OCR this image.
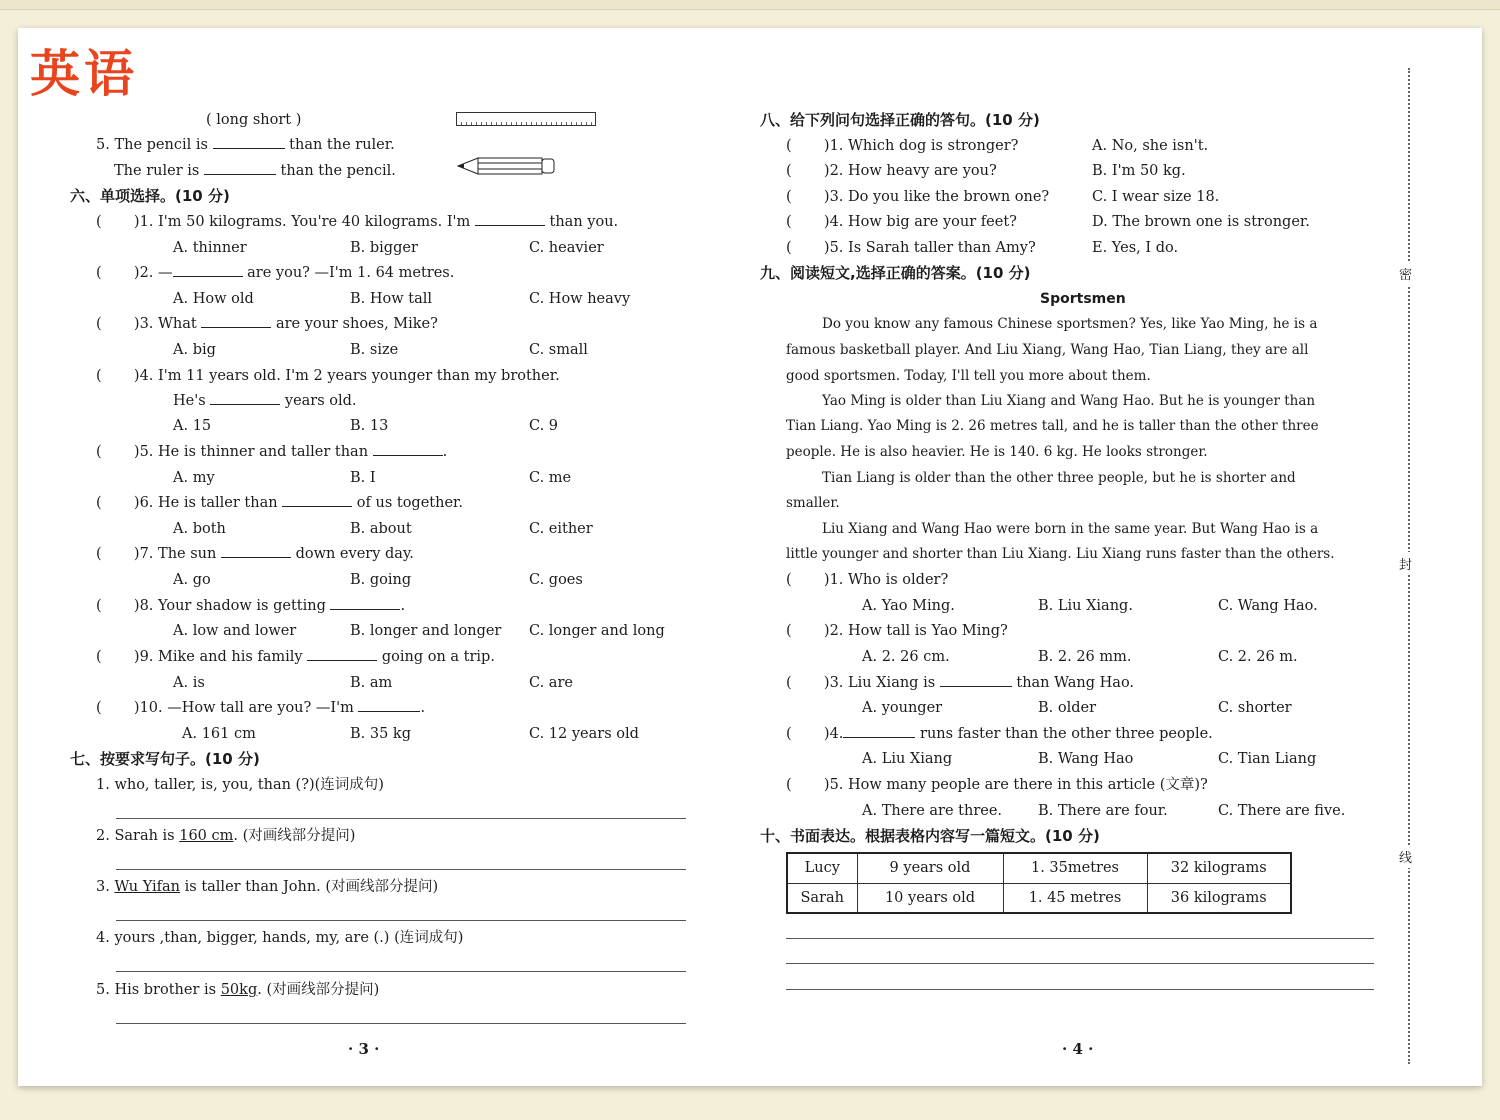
英语
( long short )
5. The pencil is	than the ruler.
The ruler is	than the pencil.
六、单项选择。(10 分)
(       )1. I'm 50 kilograms. You're 40 kilograms. I'm	than you.
A. thinner	B. bigger	C. heavier
(       )2. —	are you? —I'm 1. 64 metres.
A. How old	B. How tall	C. How heavy
(       )3. What	are your shoes, Mike?
A. big	B. size	C. small
(       )4. I'm 11 years old. I'm 2 years younger than my brother.
He's	years old.
A. 15	B. 13	C. 9
(       )5. He is thinner and taller than	.
A. my	B. I	C. me
(       )6. He is taller than	of us together.
A. both	B. about	C. either
(       )7. The sun	down every day.
A. go	B. going	C. goes
(       )8. Your shadow is getting	.
A. low and lower	B. longer and longer C. longer and long
(       )9. Mike and his family	going on a trip.
A. is	B. am	C. are
(       )10. —How tall are you? —I'm	.
A. 161 cm	B. 35 kg	C. 12 years old
七、按要求写句子。(10 分)
1. who, taller, is, you, than (?)(连词成句)
2. Sarah is 160 cm. (对画线部分提问)
3. Wu Yifan is taller than John. (对画线部分提问)
4. yours ,than, bigger, hands, my, are (.) (连词成句)
5. His brother is 50kg. (对画线部分提问)
· 3 ·
八、给下列问句选择正确的答句。(10 分)
(       )1. Which dog is stronger?	A. No, she isn't.
(       )2. How heavy are you?	B. I'm 50 kg.
(       )3. Do you like the brown one?	C. I wear size 18.
(       )4. How big are your feet?	D. The brown one is stronger.
(       )5. Is Sarah taller than Amy?	E. Yes, I do.
九、阅读短文,选择正确的答案。(10 分)
Sportsmen
Do you know any famous Chinese sportsmen? Yes, like Yao Ming, he is a
famous basketball player. And Liu Xiang, Wang Hao, Tian Liang, they are all
good sportsmen. Today, I'll tell you more about them.
Yao Ming is older than Liu Xiang and Wang Hao. But he is younger than
Tian Liang. Yao Ming is 2. 26 metres tall, and he is taller than the other three
people. He is also heavier. He is 140. 6 kg. He looks stronger.
Tian Liang is older than the other three people, but he is shorter and
smaller.
Liu Xiang and Wang Hao were born in the same year. But Wang Hao is a
little younger and shorter than Liu Xiang. Liu Xiang runs faster than the others.
(       )1. Who is older?
A. Yao Ming.	B. Liu Xiang.	C. Wang Hao.
(       )2. How tall is Yao Ming?
A. 2. 26 cm.	B. 2. 26 mm.	C. 2. 26 m.
(       )3. Liu Xiang is	than Wang Hao.
A. younger	B. older	C. shorter
(       )4.	runs faster than the other three people.
A. Liu Xiang	B. Wang Hao	C. Tian Liang
(       )5. How many people are there in this article (文章)?
A. There are three. B. There are four.	C. There are five.
十、书面表达。根据表格内容写一篇短文。(10 分)
Lucy	9 years old	1. 35metres	32 kilograms
Sarah	10 years old	1. 45 metres	36 kilograms
· 4 ·
密
封
线
